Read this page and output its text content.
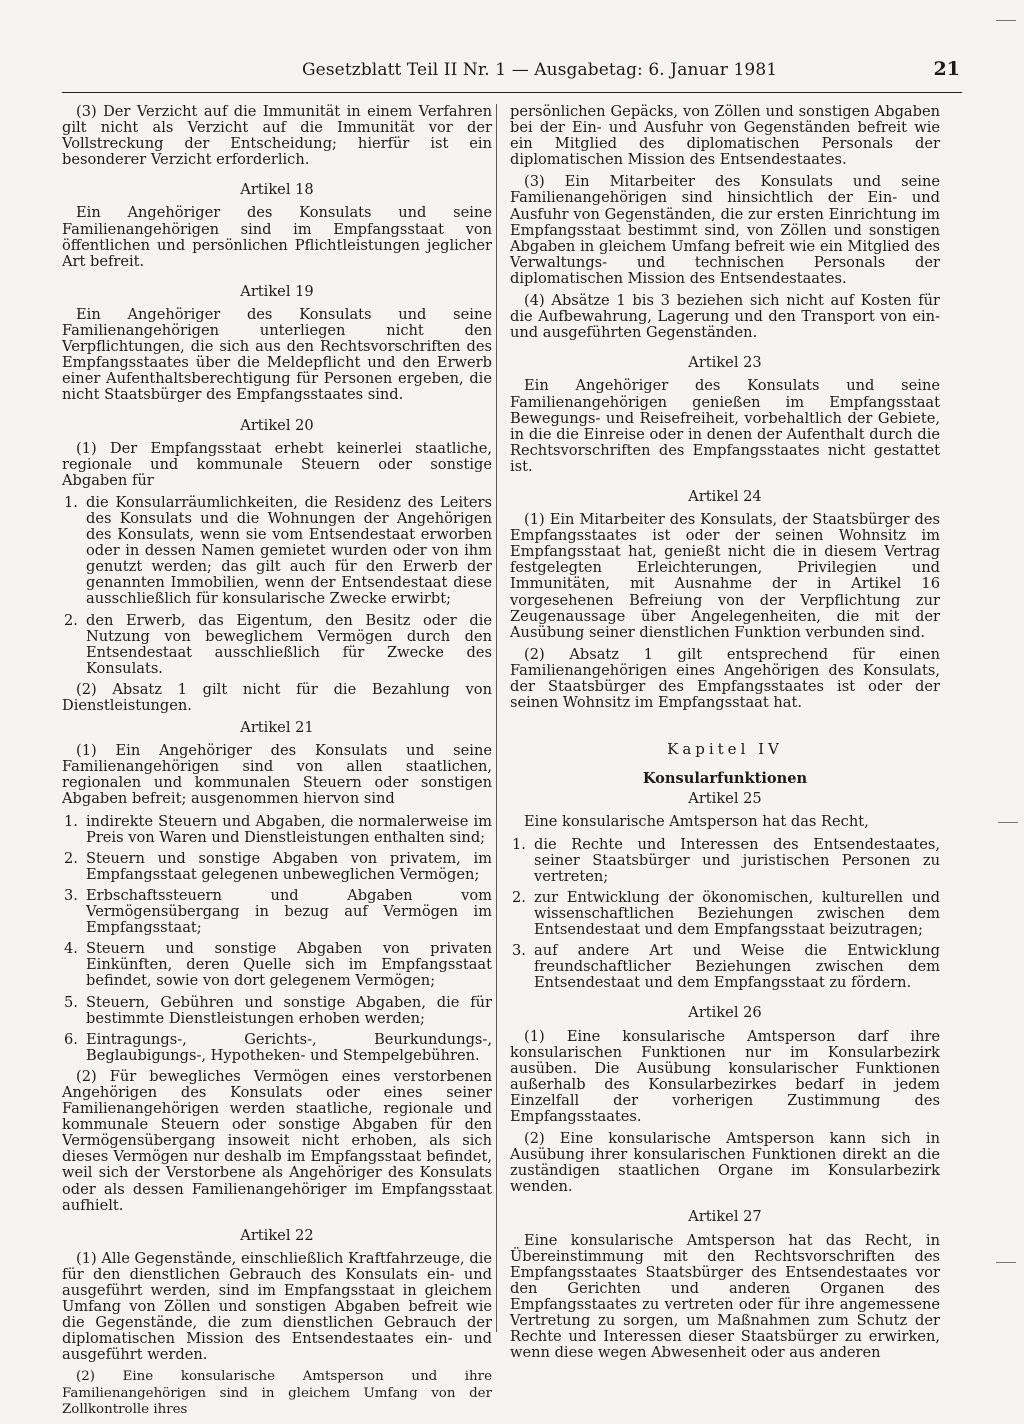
Gesetzblatt Teil II Nr. 1 — Ausgabetag: 6. Januar 1981	21

(3) Der Verzicht auf die Immunität in einem Verfahren gilt nicht als Verzicht auf die Immunität vor der Vollstreckung der Entscheidung; hierfür ist ein besonderer Verzicht erforderlich.

Artikel 18

Ein Angehöriger des Konsulats und seine Familienangehörigen sind im Empfangsstaat von öffentlichen und persönlichen Pflichtleistungen jeglicher Art befreit.

Artikel 19

Ein Angehöriger des Konsulats und seine Familienangehörigen unterliegen nicht den Verpflichtungen, die sich aus den Rechtsvorschriften des Empfangsstaates über die Meldepflicht und den Erwerb einer Aufenthaltsberechtigung für Personen ergeben, die nicht Staatsbürger des Empfangsstaates sind.

Artikel 20

(1) Der Empfangsstaat erhebt keinerlei staatliche, regionale und kommunale Steuern oder sonstige Abgaben für

1. die Konsularräumlichkeiten, die Residenz des Leiters des Konsulats und die Wohnungen der Angehörigen des Konsulats, wenn sie vom Entsendestaat erworben oder in dessen Namen gemietet wurden oder von ihm genutzt werden; das gilt auch für den Erwerb der genannten Immobilien, wenn der Entsendestaat diese ausschließlich für konsularische Zwecke erwirbt;
2. den Erwerb, das Eigentum, den Besitz oder die Nutzung von beweglichem Vermögen durch den Entsendestaat ausschließlich für Zwecke des Konsulats.

(2) Absatz 1 gilt nicht für die Bezahlung von Dienstleistungen.

Artikel 21

(1) Ein Angehöriger des Konsulats und seine Familienangehörigen sind von allen staatlichen, regionalen und kommunalen Steuern oder sonstigen Abgaben befreit; ausgenommen hiervon sind

1. indirekte Steuern und Abgaben, die normalerweise im Preis von Waren und Dienstleistungen enthalten sind;
2. Steuern und sonstige Abgaben von privatem, im Empfangsstaat gelegenen unbeweglichen Vermögen;
3. Erbschaftssteuern und Abgaben vom Vermögensübergang in bezug auf Vermögen im Empfangsstaat;
4. Steuern und sonstige Abgaben von privaten Einkünften, deren Quelle sich im Empfangsstaat befindet, sowie von dort gelegenem Vermögen;
5. Steuern, Gebühren und sonstige Abgaben, die für bestimmte Dienstleistungen erhoben werden;
6. Eintragungs-, Gerichts-, Beurkundungs-, Beglaubigungs-, Hypotheken- und Stempelgebühren.

(2) Für bewegliches Vermögen eines verstorbenen Angehörigen des Konsulats oder eines seiner Familienangehörigen werden staatliche, regionale und kommunale Steuern oder sonstige Abgaben für den Vermögensübergang insoweit nicht erhoben, als sich dieses Vermögen nur deshalb im Empfangsstaat befindet, weil sich der Verstorbene als Angehöriger des Konsulats oder als dessen Familienangehöriger im Empfangsstaat aufhielt.

Artikel 22

(1) Alle Gegenstände, einschließlich Kraftfahrzeuge, die für den dienstlichen Gebrauch des Konsulats ein- und ausgeführt werden, sind im Empfangsstaat in gleichem Umfang von Zöllen und sonstigen Abgaben befreit wie die Gegenstände, die zum dienstlichen Gebrauch der diplomatischen Mission des Entsendestaates ein- und ausgeführt werden.

(2) Eine konsularische Amtsperson und ihre Familienangehörigen sind in gleichem Umfang von der Zollkontrolle ihres

persönlichen Gepäcks, von Zöllen und sonstigen Abgaben bei der Ein- und Ausfuhr von Gegenständen befreit wie ein Mitglied des diplomatischen Personals der diplomatischen Mission des Entsendestaates.

(3) Ein Mitarbeiter des Konsulats und seine Familienangehörigen sind hinsichtlich der Ein- und Ausfuhr von Gegenständen, die zur ersten Einrichtung im Empfangsstaat bestimmt sind, von Zöllen und sonstigen Abgaben in gleichem Umfang befreit wie ein Mitglied des Verwaltungs- und technischen Personals der diplomatischen Mission des Entsendestaates.

(4) Absätze 1 bis 3 beziehen sich nicht auf Kosten für die Aufbewahrung, Lagerung und den Transport von ein- und ausgeführten Gegenständen.

Artikel 23

Ein Angehöriger des Konsulats und seine Familienangehörigen genießen im Empfangsstaat Bewegungs- und Reisefreiheit, vorbehaltlich der Gebiete, in die die Einreise oder in denen der Aufenthalt durch die Rechtsvorschriften des Empfangsstaates nicht gestattet ist.

Artikel 24

(1) Ein Mitarbeiter des Konsulats, der Staatsbürger des Empfangsstaates ist oder der seinen Wohnsitz im Empfangsstaat hat, genießt nicht die in diesem Vertrag festgelegten Erleichterungen, Privilegien und Immunitäten, mit Ausnahme der in Artikel 16 vorgesehenen Befreiung von der Verpflichtung zur Zeugenaussage über Angelegenheiten, die mit der Ausübung seiner dienstlichen Funktion verbunden sind.

(2) Absatz 1 gilt entsprechend für einen Familienangehörigen eines Angehörigen des Konsulats, der Staatsbürger des Empfangsstaates ist oder der seinen Wohnsitz im Empfangsstaat hat.

Kapitel IV
Konsularfunktionen
Artikel 25

Eine konsularische Amtsperson hat das Recht,

1. die Rechte und Interessen des Entsendestaates, seiner Staatsbürger und juristischen Personen zu vertreten;
2. zur Entwicklung der ökonomischen, kulturellen und wissenschaftlichen Beziehungen zwischen dem Entsendestaat und dem Empfangsstaat beizutragen;
3. auf andere Art und Weise die Entwicklung freundschaftlicher Beziehungen zwischen dem Entsendestaat und dem Empfangsstaat zu fördern.
Artikel 26

(1) Eine konsularische Amtsperson darf ihre konsularischen Funktionen nur im Konsularbezirk ausüben. Die Ausübung konsularischer Funktionen außerhalb des Konsularbezirkes bedarf in jedem Einzelfall der vorherigen Zustimmung des Empfangsstaates.

(2) Eine konsularische Amtsperson kann sich in Ausübung ihrer konsularischen Funktionen direkt an die zuständigen staatlichen Organe im Konsularbezirk wenden.

Artikel 27

Eine konsularische Amtsperson hat das Recht, in Übereinstimmung mit den Rechtsvorschriften des Empfangsstaates Staatsbürger des Entsendestaates vor den Gerichten und anderen Organen des Empfangsstaates zu vertreten oder für ihre angemessene Vertretung zu sorgen, um Maßnahmen zum Schutz der Rechte und Interessen dieser Staatsbürger zu erwirken, wenn diese wegen Abwesenheit oder aus anderen
